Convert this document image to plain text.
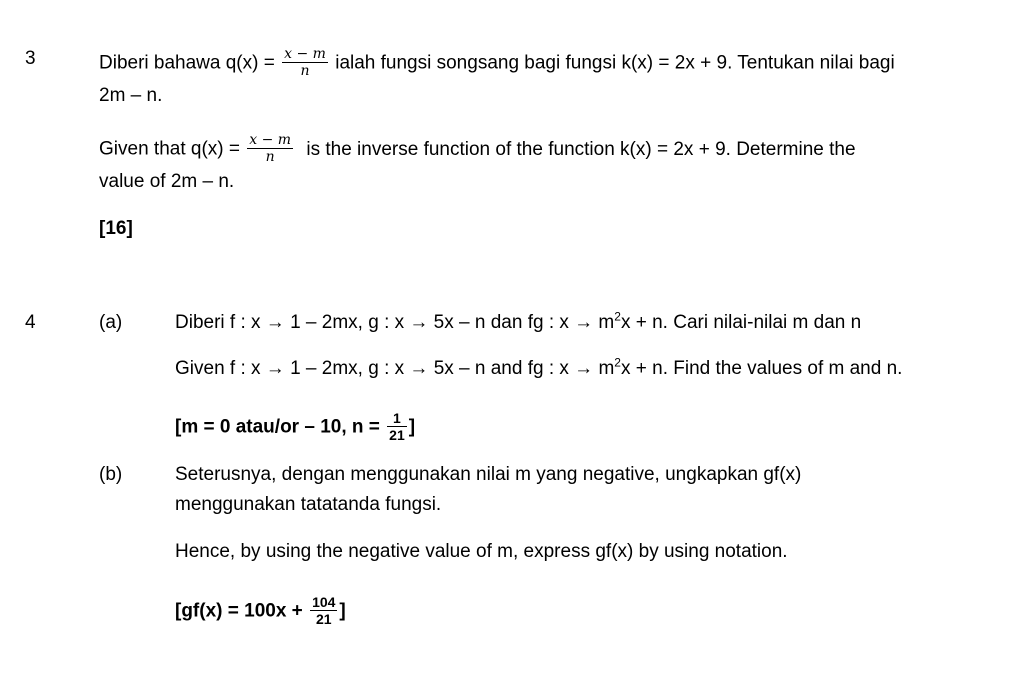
3	Diberi bahawa $q(x) = \frac{x - m}{n}$ ialah fungsi songsang bagi fungsi k(x) = 2x + 9. Tentukan nilai bagi
2m – n.
Given that $q(x) = \frac{x - m}{n}$ is the inverse function of the function k(x) = 2x + 9. Determine the
value of 2m – n.
[16]
4	(a)	Diberi f : x → 1 – 2mx, g : x → 5x – n dan fg : $x \to m^2x + n$. Cari nilai-nilai m dan n
Given f : x → 1 – 2mx, g : x → 5x – n and fg : $x \to m^2x + n$. Find the values of m and n.
[m = 0 atau/or – 10, $n = \frac{1}{21}$ ]
(b)	Seterusnya, dengan menggunakan nilai m yang negative, ungkapkan gf(x)
menggunakan tatatanda fungsi.
Hence, by using the negative value of m, express gf(x) by using notation.
[$gf(x) = 100x + \frac{104}{21}$ ]
